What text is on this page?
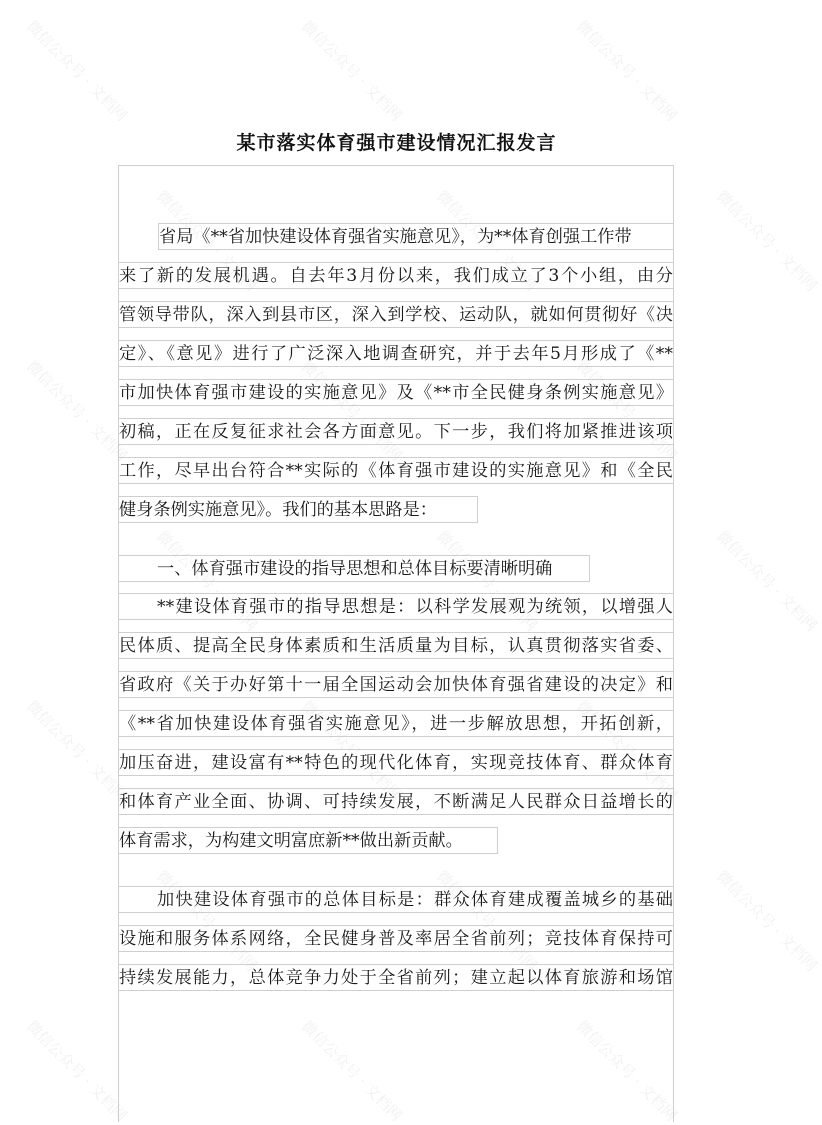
某市落实体育强市建设情况汇报发言
省局《**省加快建设体育强省实施意见》，为**体育创强工作带
来了新的发展机遇。自去年3月份以来，我们成立了3个小组，由分
管领导带队，深入到县市区，深入到学校、运动队，就如何贯彻好《决
定》、《意见》进行了广泛深入地调查研究，并于去年5月形成了《**
市加快体育强市建设的实施意见》及《**市全民健身条例实施意见》
初稿，正在反复征求社会各方面意见。下一步，我们将加紧推进该项
工作，尽早出台符合**实际的《体育强市建设的实施意见》和《全民
健身条例实施意见》。我们的基本思路是：
一、体育强市建设的指导思想和总体目标要清晰明确
**建设体育强市的指导思想是：以科学发展观为统领，以增强人
民体质、提高全民身体素质和生活质量为目标，认真贯彻落实省委、
省政府《关于办好第十一届全国运动会加快体育强省建设的决定》和
《**省加快建设体育强省实施意见》，进一步解放思想，开拓创新，
加压奋进，建设富有**特色的现代化体育，实现竞技体育、群众体育
和体育产业全面、协调、可持续发展，不断满足人民群众日益增长的
体育需求，为构建文明富庶新**做出新贡献。
加快建设体育强市的总体目标是：群众体育建成覆盖城乡的基础
设施和服务体系网络，全民健身普及率居全省前列；竞技体育保持可
持续发展能力，总体竞争力处于全省前列；建立起以体育旅游和场馆
微信公众号 · 文档网	微信公众号 · 文档网	微信公众号 · 文档网
微信公众号 · 文档网	微信公众号 · 文档网	微信公众号 · 文档网
微信公众号 · 文档网	微信公众号 · 文档网	微信公众号 · 文档网
微信公众号 · 文档网	微信公众号 · 文档网	微信公众号 · 文档网
微信公众号 · 文档网	微信公众号 · 文档网	微信公众号 · 文档网
微信公众号 · 文档网	微信公众号 · 文档网	微信公众号 · 文档网
微信公众号 · 文档网	微信公众号 · 文档网	微信公众号 · 文档网
